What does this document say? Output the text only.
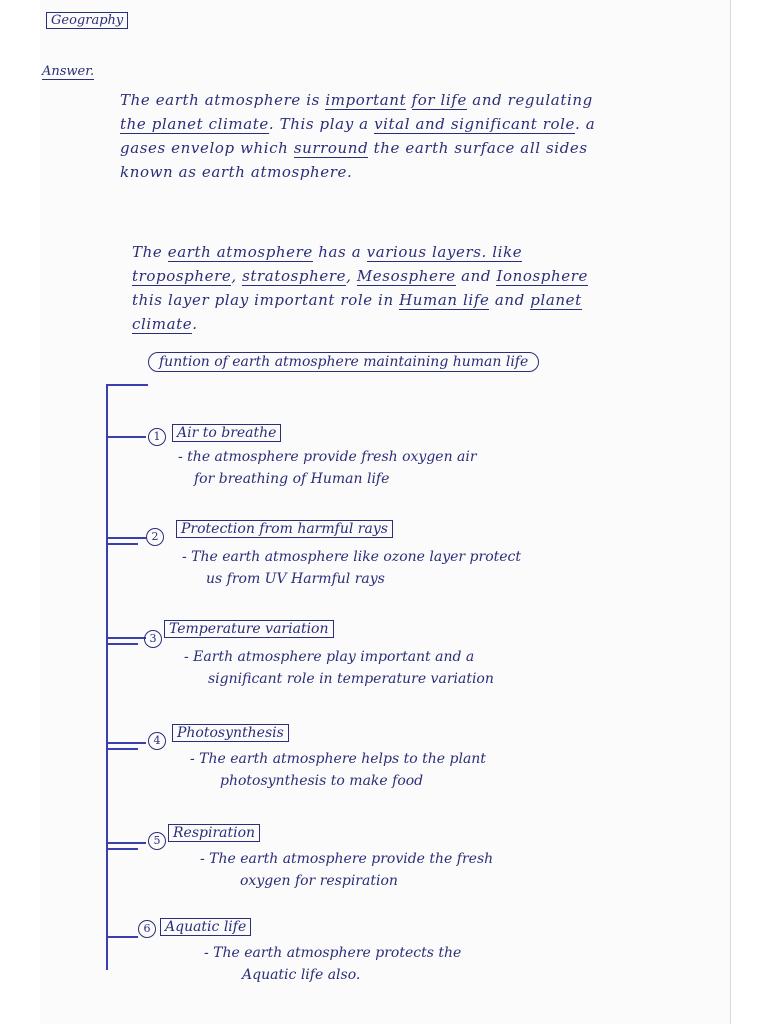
Geography
Answer.
The earth atmosphere is important for life and regulating the planet climate. This play a vital and significant role. a gases envelop which surround the earth surface all sides known as earth atmosphere.
The earth atmosphere has a various layers. like troposphere, stratosphere, Mesosphere and Ionosphere this layer play important role in Human life and planet climate.
funtion of earth atmosphere maintaining human life
1	Air to breathe
- the atmosphere provide fresh oxygen air
for breathing of Human life
2	Protection from harmful rays
- The earth atmosphere like ozone layer protect
us from UV Harmful rays
3
Temperature variation
- Earth atmosphere play important and a
significant role in temperature variation
4	Photosynthesis
- The earth atmosphere helps to the plant
photosynthesis to make food
5 Respiration
- The earth atmosphere provide the fresh
oxygen for respiration
6	Aquatic life
- The earth atmosphere protects the
Aquatic life also.
